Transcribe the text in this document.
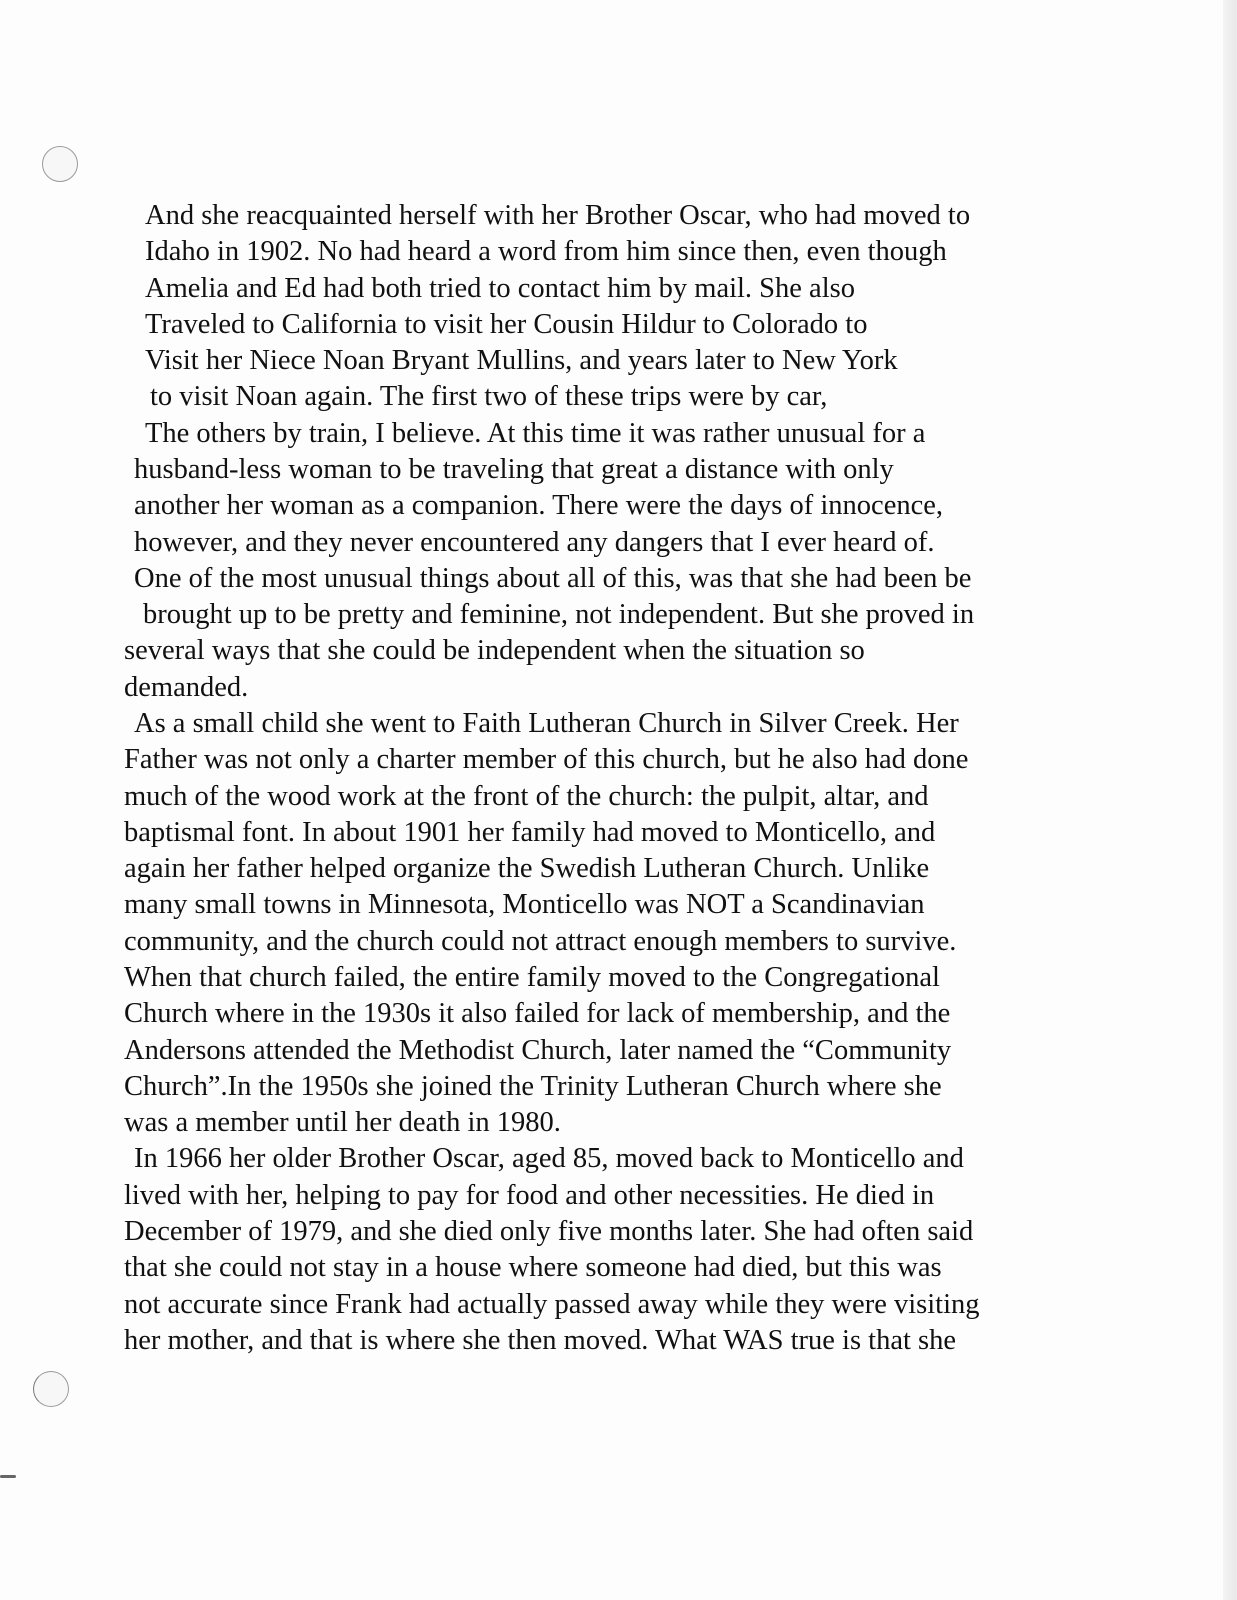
And she reacquainted herself with her Brother Oscar, who had moved to
Idaho in 1902. No had heard a word from him since then, even though
Amelia and Ed had both tried to contact him by mail. She also
Traveled to California to visit her Cousin Hildur to Colorado to
Visit her Niece Noan Bryant Mullins, and years later to New York
to visit Noan again. The first two of these trips were by car,
The others by train, I believe. At this time it was rather unusual for a
husband-less woman to be traveling that great a distance with only
another her woman as a companion. There were the days of innocence,
however, and they never encountered any dangers that I ever heard of.
One of the most unusual things about all of this, was that she had been be
brought up to be pretty and feminine, not independent. But she proved in
several ways that she could be independent when the situation so
demanded.
As a small child she went to Faith Lutheran Church in Silver Creek. Her
Father was not only a charter member of this church, but he also had done
much of the wood work at the front of the church: the pulpit, altar, and
baptismal font. In about 1901 her family had moved to Monticello, and
again her father helped organize the Swedish Lutheran Church. Unlike
many small towns in Minnesota, Monticello was NOT a Scandinavian
community, and the church could not attract enough members to survive.
When that church failed, the entire family moved to the Congregational
Church where in the 1930s it also failed for lack of membership, and the
Andersons attended the Methodist Church, later named the “Community
Church”.In the 1950s she joined the Trinity Lutheran Church where she
was a member until her death in 1980.
In 1966 her older Brother Oscar, aged 85, moved back to Monticello and
lived with her, helping to pay for food and other necessities. He died in
December of 1979, and she died only five months later. She had often said
that she could not stay in a house where someone had died, but this was
not accurate since Frank had actually passed away while they were visiting
her mother, and that is where she then moved. What WAS true is that she
